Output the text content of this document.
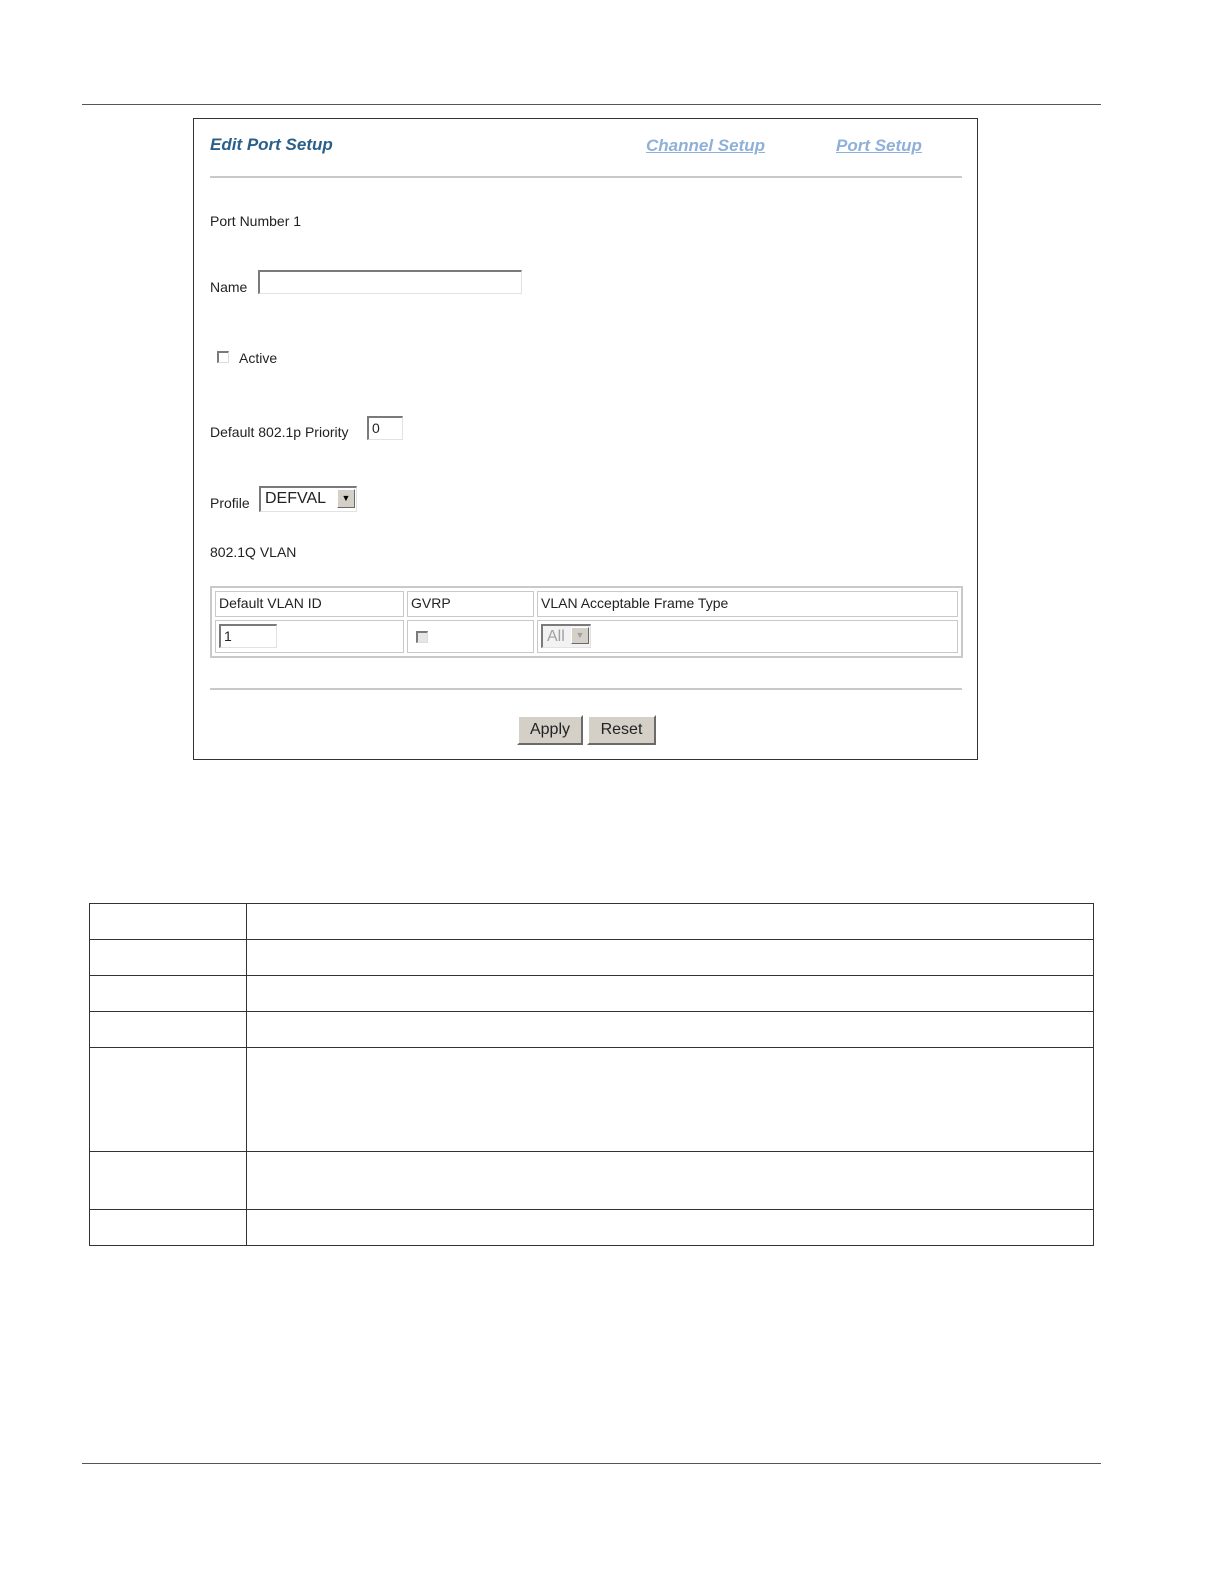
Edit Port Setup	Channel Setup	Port Setup
Port Number 1
Name
Active
Default 802.1p Priority	0
Profile DEFVAL	▼
802.1Q VLAN
Default VLAN ID	GVRP	VLAN Acceptable Frame Type
1	All	▼
Apply	Reset
